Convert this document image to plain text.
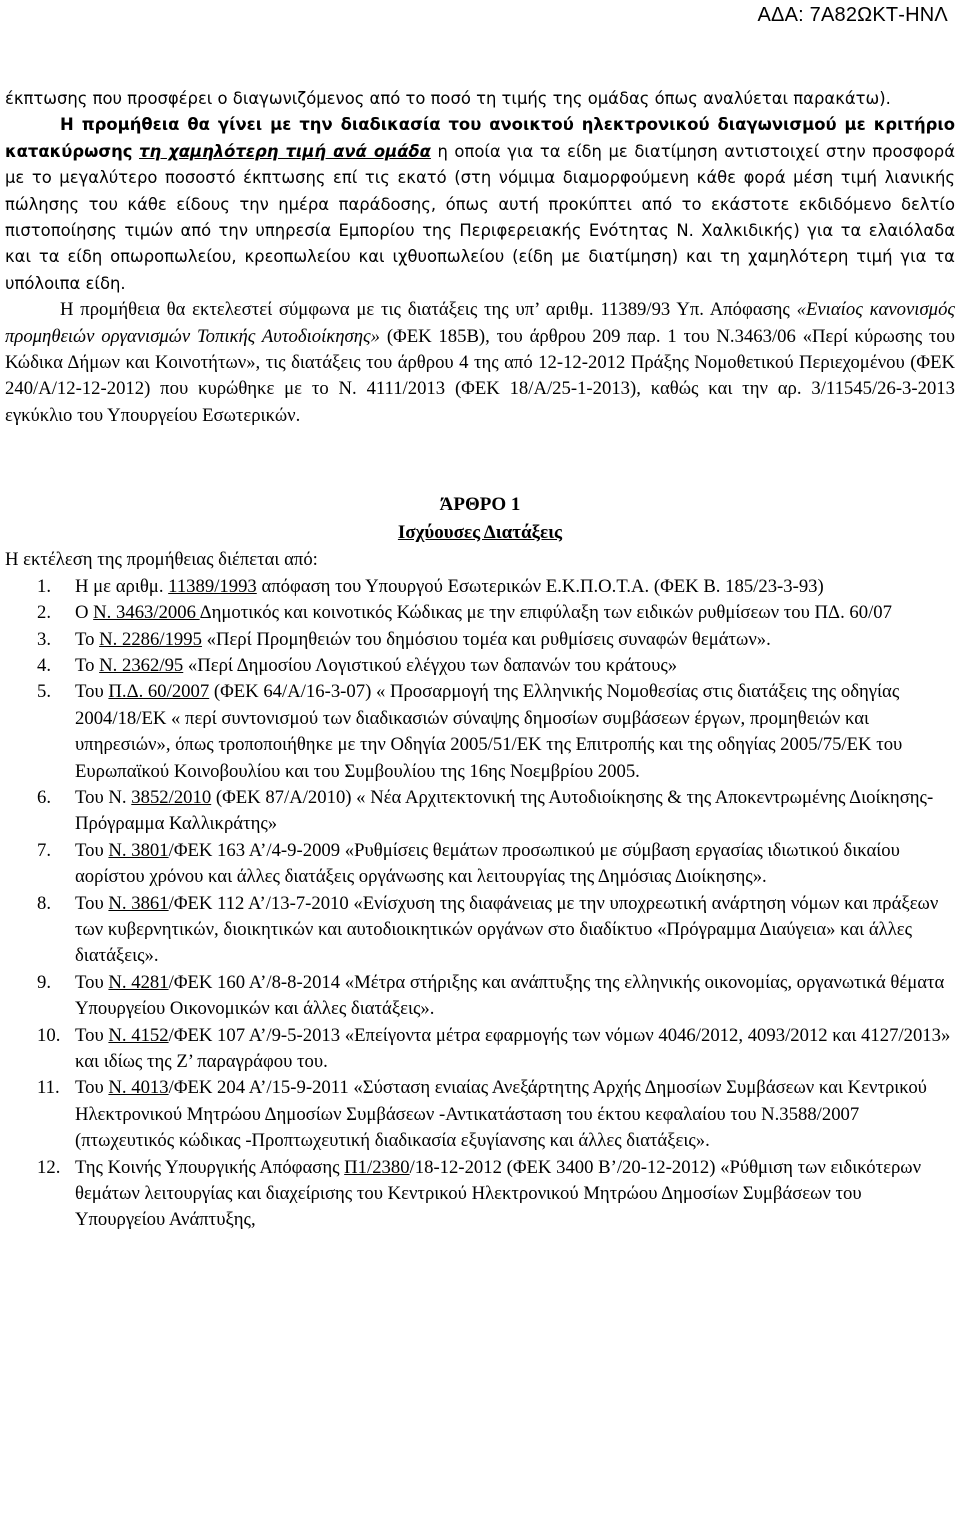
ΑΔΑ: 7Α82ΩΚΤ-ΗΝΛ

έκπτωσης που προσφέρει ο διαγωνιζόμενος από το ποσό τη τιμής της ομάδας όπως αναλύεται παρακάτω).

Η προμήθεια θα γίνει με την διαδικασία του ανοικτού ηλεκτρονικού διαγωνισμού με κριτήριο κατακύρωσης τη χαμηλότερη τιμή ανά ομάδα η οποία για τα είδη με διατίμηση αντιστοιχεί στην προσφορά με το μεγαλύτερο ποσοστό έκπτωσης επί τις εκατό (στη νόμιμα διαμορφούμενη κάθε φορά μέση τιμή λιανικής πώλησης του κάθε είδους την ημέρα παράδοσης, όπως αυτή προκύπτει από το εκάστοτε εκδιδόμενο δελτίο πιστοποίησης τιμών από την υπηρεσία Εμπορίου της Περιφερειακής Ενότητας Ν. Χαλκιδικής) για τα ελαιόλαδα και τα είδη οπωροπωλείου, κρεοπωλείου και ιχθυοπωλείου (είδη με διατίμηση) και τη χαμηλότερη τιμή για τα υπόλοιπα είδη.

Η προμήθεια θα εκτελεστεί σύμφωνα με τις διατάξεις της υπ’ αριθμ. 11389/93 Υπ. Απόφασης «Ενιαίος κανονισμός προμηθειών οργανισμών Τοπικής Αυτοδιοίκησης» (ΦΕΚ 185Β), του άρθρου 209 παρ. 1 του Ν.3463/06 «Περί κύρωσης του Κώδικα Δήμων και Κοινοτήτων», τις διατάξεις του άρθρου 4 της από 12-12-2012 Πράξης Νομοθετικού Περιεχομένου (ΦΕΚ 240/Α/12-12-2012) που κυρώθηκε με το Ν. 4111/2013 (ΦΕΚ 18/Α/25-1-2013), καθώς και την αρ. 3/11545/26-3-2013 εγκύκλιο του Υπουργείου Εσωτερικών.

ΆΡΘΡΟ 1
Ισχύουσες Διατάξεις

Η εκτέλεση της προμήθειας διέπεται από:

1. Η με αριθμ. 11389/1993 απόφαση του Υπουργού Εσωτερικών Ε.Κ.Π.Ο.Τ.Α. (ΦΕΚ Β. 185/23-3-93)
2. Ο Ν. 3463/2006 Δημοτικός και κοινοτικός Κώδικας με την επιφύλαξη των ειδικών ρυθμίσεων του ΠΔ. 60/07
3. Το Ν. 2286/1995 «Περί Προμηθειών του δημόσιου τομέα και ρυθμίσεις συναφών θεμάτων».
4. Το Ν. 2362/95 «Περί Δημοσίου Λογιστικού ελέγχου των δαπανών του κράτους»
5. Του Π.Δ. 60/2007 (ΦΕΚ 64/Α/16-3-07) « Προσαρμογή της Ελληνικής Νομοθεσίας στις διατάξεις της οδηγίας 2004/18/ΕΚ « περί συντονισμού των διαδικασιών σύναψης δημοσίων συμβάσεων έργων, προμηθειών και υπηρεσιών», όπως τροποποιήθηκε με την Οδηγία 2005/51/ΕΚ της Επιτροπής και της οδηγίας 2005/75/ΕΚ του Ευρωπαϊκού Κοινοβουλίου και του Συμβουλίου της 16ης Νοεμβρίου 2005.
6. Του Ν. 3852/2010 (ΦΕΚ 87/Α/2010) « Νέα Αρχιτεκτονική της Αυτοδιοίκησης & της Αποκεντρωμένης Διοίκησης-Πρόγραμμα Καλλικράτης»
7. Του Ν. 3801/ΦΕΚ 163 Α’/4-9-2009 «Ρυθμίσεις θεμάτων προσωπικού με σύμβαση εργασίας ιδιωτικού δικαίου αορίστου χρόνου και άλλες διατάξεις οργάνωσης και λειτουργίας της Δημόσιας Διοίκησης».
8. Του Ν. 3861/ΦΕΚ 112 Α’/13-7-2010 «Ενίσχυση της διαφάνειας με την υποχρεωτική ανάρτηση νόμων και πράξεων των κυβερνητικών, διοικητικών και αυτοδιοικητικών οργάνων στο διαδίκτυο «Πρόγραμμα Διαύγεια» και άλλες διατάξεις».
9. Του Ν. 4281/ΦΕΚ 160 Α’/8-8-2014 «Μέτρα στήριξης και ανάπτυξης της ελληνικής οικονομίας, οργανωτικά θέματα Υπουργείου Οικονομικών και άλλες διατάξεις».
10. Του Ν. 4152/ΦΕΚ 107 Α’/9-5-2013 «Επείγοντα μέτρα εφαρμογής των νόμων 4046/2012, 4093/2012 και 4127/2013» και ιδίως της Ζ’ παραγράφου του.
11. Του Ν. 4013/ΦΕΚ 204 Α’/15-9-2011 «Σύσταση ενιαίας Ανεξάρτητης Αρχής Δημοσίων Συμβάσεων και Κεντρικού Ηλεκτρονικού Μητρώου Δημοσίων Συμβάσεων -Αντικατάσταση του έκτου κεφαλαίου του Ν.3588/2007 (πτωχευτικός κώδικας -Προπτωχευτική διαδικασία εξυγίανσης και άλλες διατάξεις».
12. Της Κοινής Υπουργικής Απόφασης Π1/2380/18-12-2012 (ΦΕΚ 3400 Β’/20-12-2012) «Ρύθμιση των ειδικότερων θεμάτων λειτουργίας και διαχείρισης του Κεντρικού Ηλεκτρονικού Μητρώου Δημοσίων Συμβάσεων του Υπουργείου Ανάπτυξης,
